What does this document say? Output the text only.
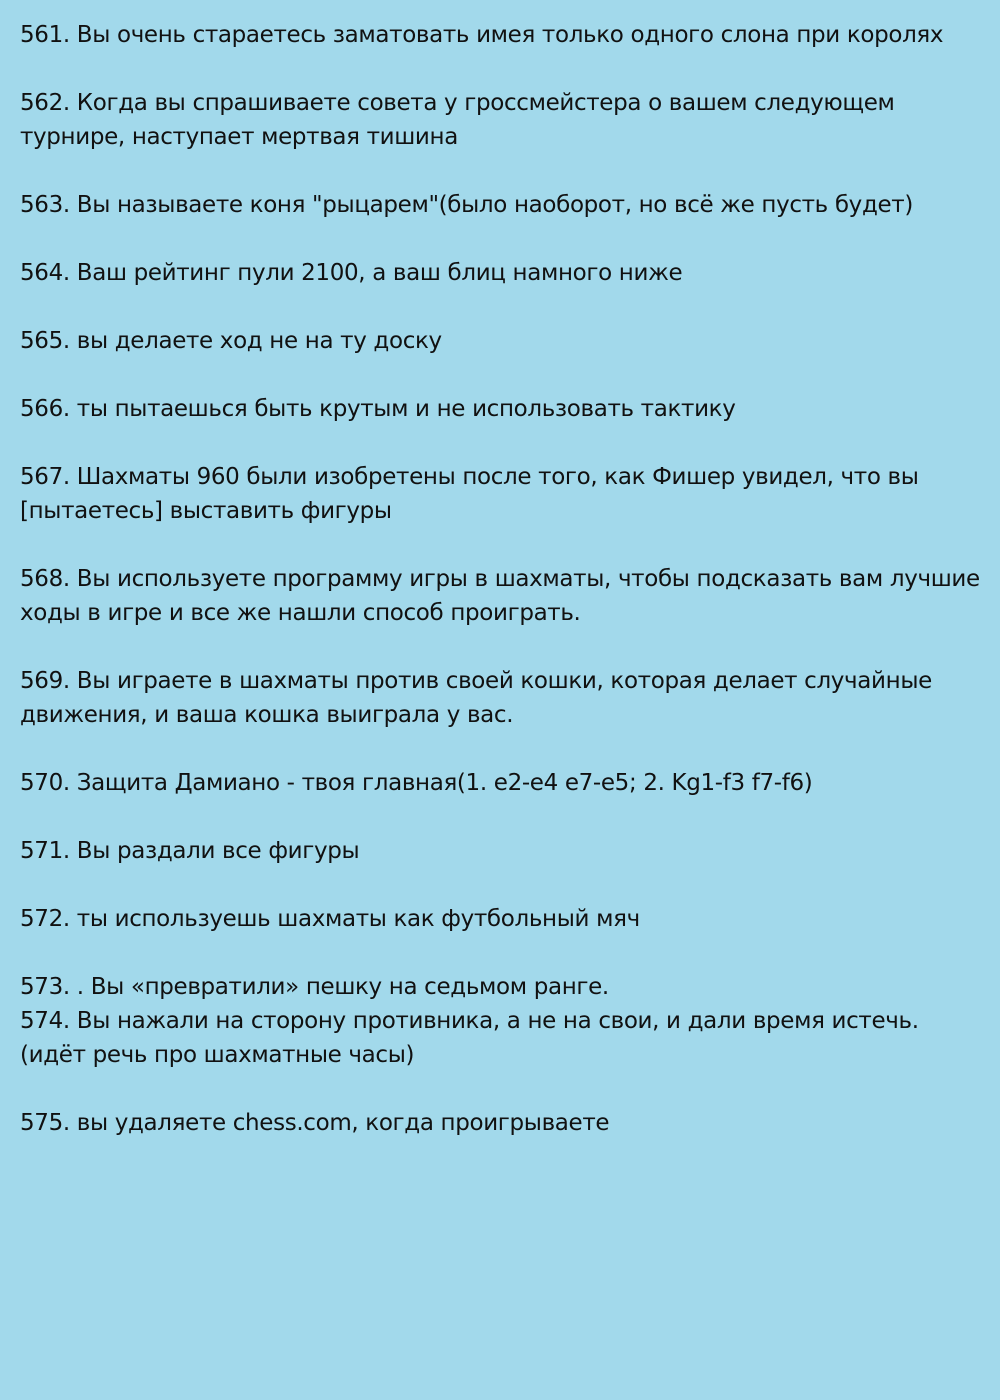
561. Вы очень стараетесь заматовать имея только одного слона при королях

562. Когда вы спрашиваете совета у гроссмейстера о вашем следующем турнире, наступает мертвая тишина

563. Вы называете коня "рыцарем"(было наоборот, но всё же пусть будет)

564. Ваш рейтинг пули 2100, а ваш блиц намного ниже

565. вы делаете ход не на ту доску

566. ты пытаешься быть крутым и не использовать тактику

567. Шахматы 960 были изобретены после того, как Фишер увидел, что вы [пытаетесь] выставить фигуры

568. Вы используете программу игры в шахматы, чтобы подсказать вам лучшие ходы в игре и все же нашли способ проиграть.

569. Вы играете в шахматы против своей кошки, которая делает случайные движения, и ваша кошка выиграла у вас.

570. Защита Дамиано - твоя главная(1. e2-e4 e7-e5; 2. Kg1-f3 f7-f6)

571. Вы раздали все фигуры

572. ты используешь шахматы как футбольный мяч

573. . Вы «превратили» пешку на седьмом ранге.

574. Вы нажали на сторону противника, а не на свои, и дали время истечь.(идёт речь про шахматные часы)

575. вы удаляете chess.com, когда проигрываете
